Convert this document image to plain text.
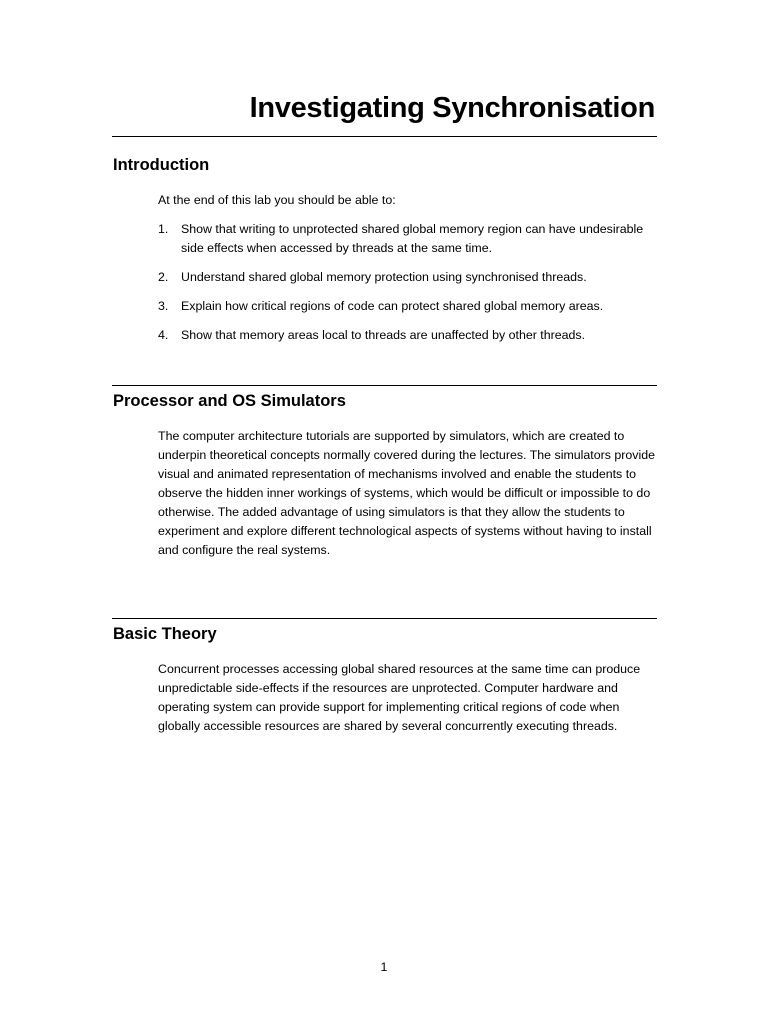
Investigating Synchronisation
Introduction

At the end of this lab you should be able to:

1. Show that writing to unprotected shared global memory region can have undesirable side effects when accessed by threads at the same time.
2. Understand shared global memory protection using synchronised threads.
3. Explain how critical regions of code can protect shared global memory areas.
4. Show that memory areas local to threads are unaffected by other threads.
Processor and OS Simulators

The computer architecture tutorials are supported by simulators, which are created to underpin theoretical concepts normally covered during the lectures. The simulators provide visual and animated representation of mechanisms involved and enable the students to observe the hidden inner workings of systems, which would be difficult or impossible to do otherwise. The added advantage of using simulators is that they allow the students to experiment and explore different technological aspects of systems without having to install and configure the real systems.

Basic Theory

Concurrent processes accessing global shared resources at the same time can produce unpredictable side-effects if the resources are unprotected. Computer hardware and operating system can provide support for implementing critical regions of code when globally accessible resources are shared by several concurrently executing threads.

1
